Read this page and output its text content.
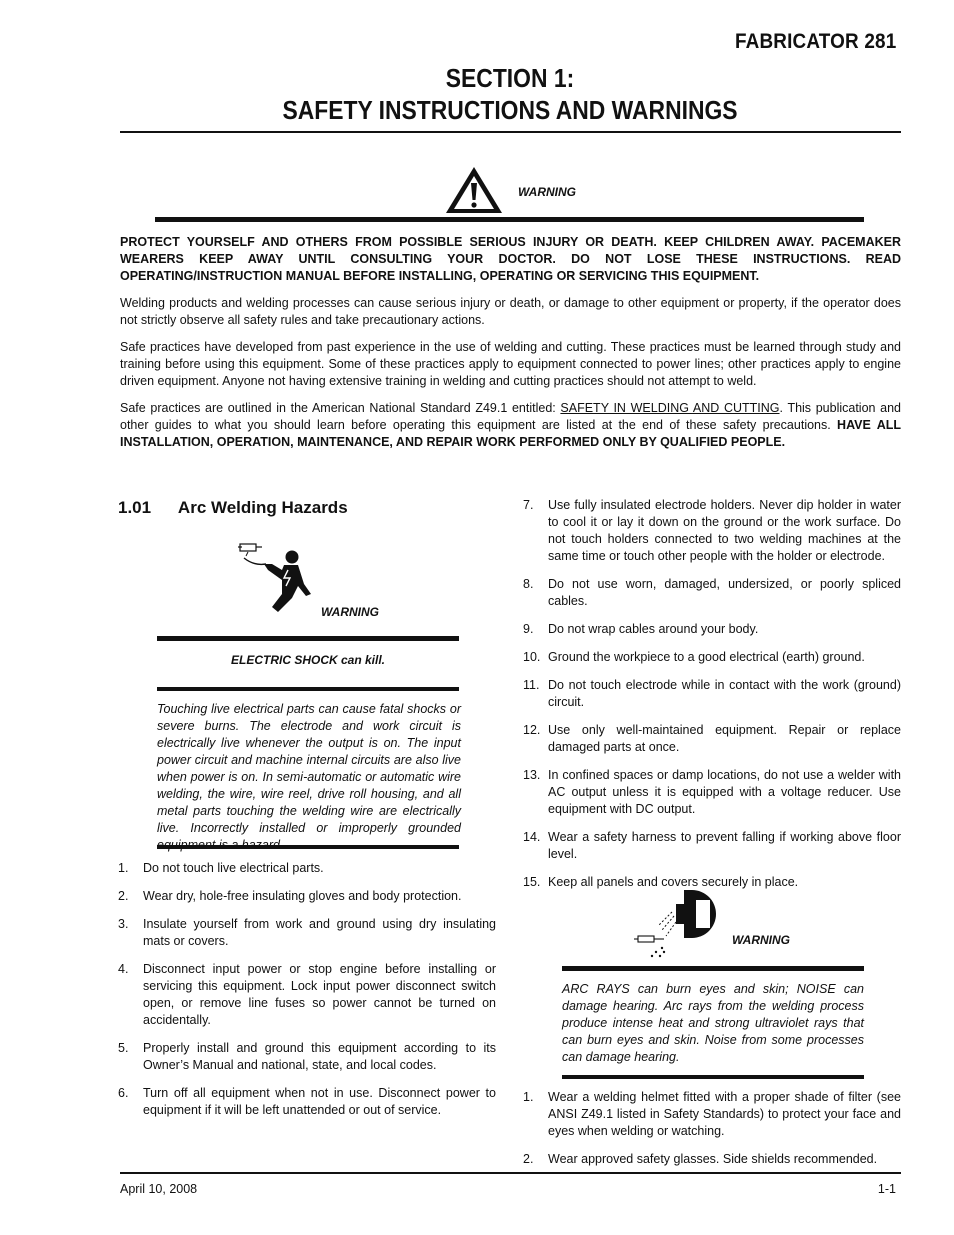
FABRICATOR 281
SECTION 1:
SAFETY INSTRUCTIONS AND WARNINGS
WARNING

PROTECT YOURSELF AND OTHERS FROM POSSIBLE SERIOUS INJURY OR DEATH. KEEP CHILDREN AWAY. PACEMAKER WEARERS KEEP AWAY UNTIL CONSULTING YOUR DOCTOR. DO NOT LOSE THESE INSTRUCTIONS. READ OPERATING/INSTRUCTION MANUAL BEFORE INSTALLING, OPERATING OR SERVICING THIS EQUIPMENT.

Welding products and welding processes can cause serious injury or death, or damage to other equipment or property, if the operator does not strictly observe all safety rules and take precautionary actions.

Safe practices have developed from past experience in the use of welding and cutting. These practices must be learned through study and training before using this equipment. Some of these practices apply to equipment connected to power lines; other practices apply to engine driven equipment. Anyone not having extensive training in welding and cutting practices should not attempt to weld.

Safe practices are outlined in the American National Standard Z49.1 entitled: SAFETY IN WELDING AND CUTTING. This publication and other guides to what you should learn before operating this equipment are listed at the end of these safety precautions. HAVE ALL INSTALLATION, OPERATION, MAINTENANCE, AND REPAIR WORK PERFORMED ONLY BY QUALIFIED PEOPLE.

1.01 Arc Welding Hazards
WARNING
ELECTRIC SHOCK can kill.

Touching live electrical parts can cause fatal shocks or severe burns. The electrode and work circuit is electrically live whenever the output is on. The input power circuit and machine internal circuits are also live when power is on. In semi-automatic or automatic wire welding, the wire, wire reel, drive roll housing, and all metal parts touching the welding wire are electrically live. Incorrectly installed or improperly grounded

1. Do not touch live electrical parts.
2. Wear dry, hole-free insulating gloves and body protection.
3. Insulate yourself from work and ground using dry insulating mats or covers.
4. Disconnect input power or stop engine before installing or servicing this equipment. Lock input power disconnect switch open, or remove line fuses so power cannot be turned on accidentally.
5. Properly install and ground this equipment according to its Owner’s Manual and national, state, and local codes.
6. Turn off all equipment when not in use. Disconnect power to equipment if it will be left unattended or out of service.
7. Use fully insulated electrode holders. Never dip holder in water to cool it or lay it down on the ground or the work surface. Do not touch holders connected to two welding machines at the same time or touch other people with the holder or electrode.
8. Do not use worn, damaged, undersized, or poorly spliced cables.
9. Do not wrap cables around your body.
10. Ground the workpiece to a good electrical (earth) ground.
11. Do not touch electrode while in contact with the work (ground) circuit.
12. Use only well-maintained equipment. Repair or replace damaged parts at once.
13. In confined spaces or damp locations, do not use a welder with AC output unless it is equipped with a voltage reducer. Use equipment with DC output.
14. Wear a safety harness to prevent falling if working above floor level.
15. Keep all panels and covers securely in place.
WARNING

ARC RAYS can burn eyes and skin; NOISE can damage hearing. Arc rays from the welding process produce intense heat and strong ultraviolet rays that can burn eyes and skin. Noise from some processes can damage hearing.

1. Wear a welding helmet fitted with a proper shade of filter (see ANSI Z49.1 listed in Safety Standards) to protect your face and eyes when welding or watching.
2. Wear approved safety glasses. Side shields recommended.
April 10, 2008	1-1
